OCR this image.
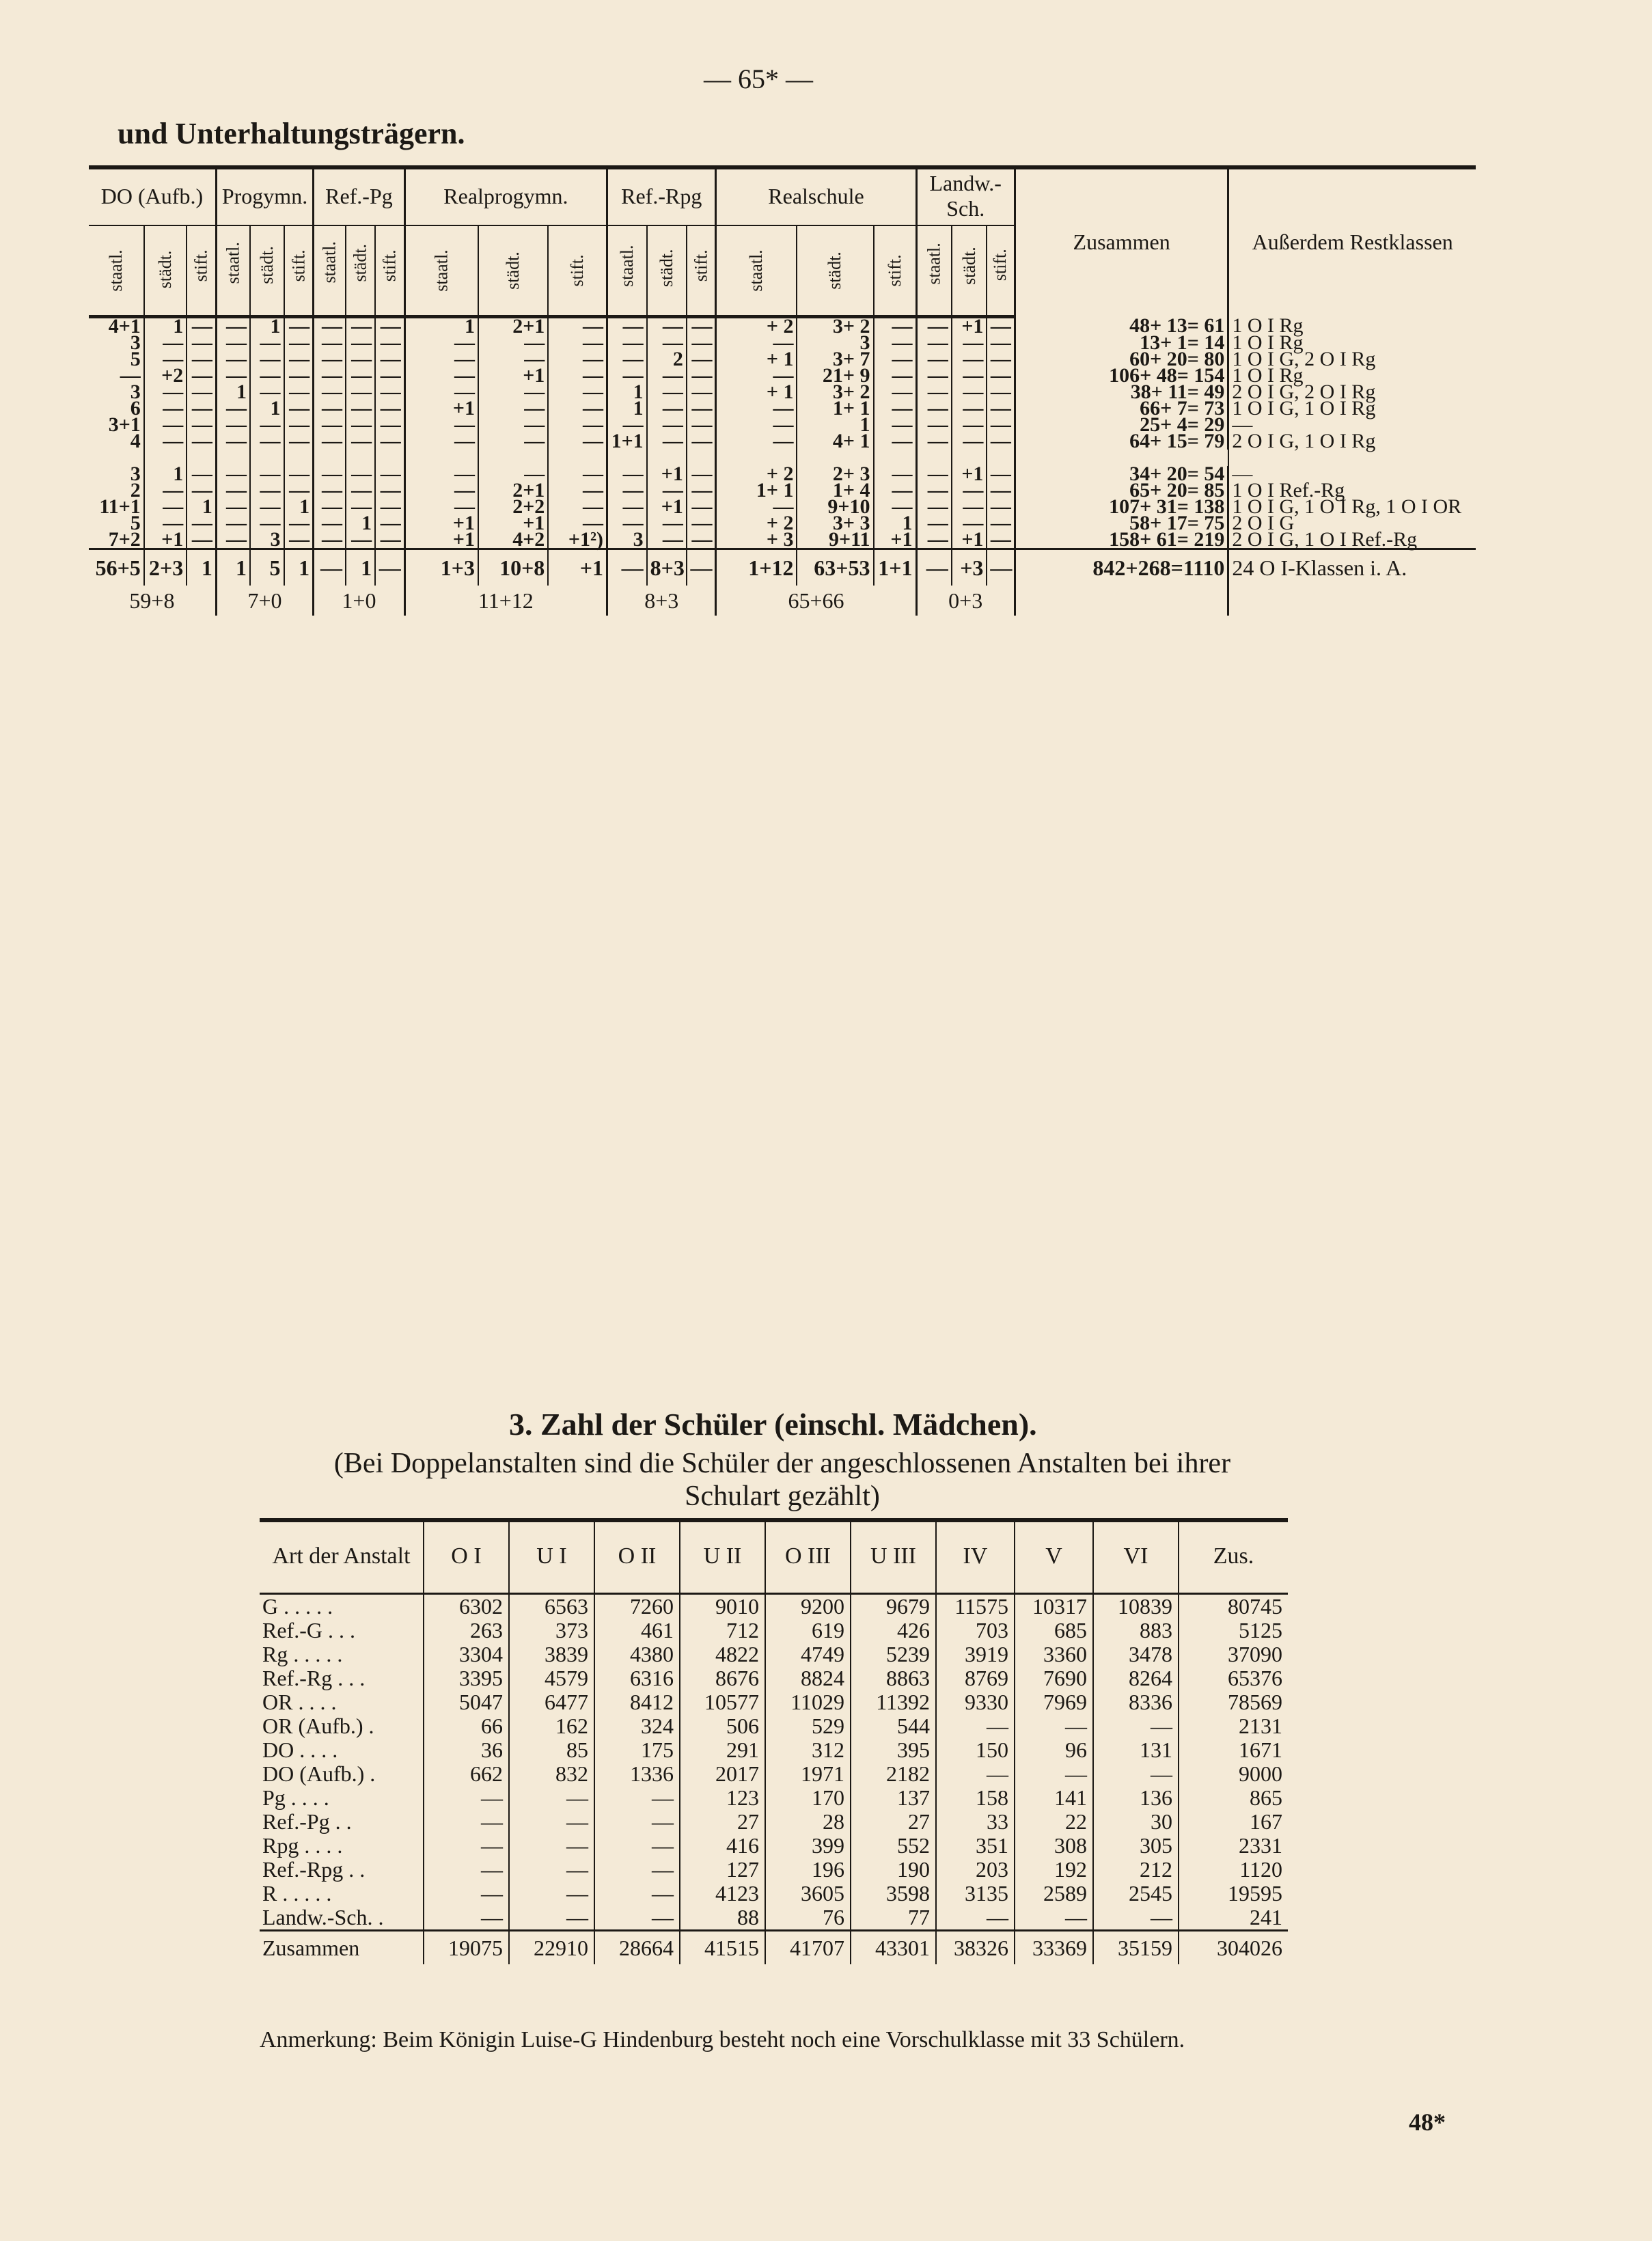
— 65* —
und Unterhaltungsträgern.
DO (Aufb.)			Progymn.			Ref.-Pg			Realprogymn.			Ref.-Rpg			Realschule			Landw.-Sch.			Zusammen	Außerdem Restklassen

staatl.	städt.	stift.	staatl.	städt.	stift.	staatl.	städt.	stift.	staatl.	städt.	stift.	staatl.	städt.	stift.	staatl.	städt.	stift.	staatl.	städt.	stift.		

4+1	1	—	—	1	—	—	—	—	1	2+1	—	—	—	—	+ 2	3+ 2	—	—	+1	—	48+ 13= 61	1 O I Rg
3	—	—	—	—	—	—	—	—	—	—	—	—	—	—	—	3	—	—	—	—	13+ 1= 14	1 O I Rg
5	—	—	—	—	—	—	—	—	—	—	—	—	2	—	+ 1	3+ 7	—	—	—	—	60+ 20= 80	1 O I G, 2 O I Rg
—	+2	—	—	—	—	—	—	—	—	+1	—	—	—	—	—	21+ 9	—	—	—	—	106+ 48= 154	1 O I Rg
3	—	—	1	—	—	—	—	—	—	—	—	1	—	—	+ 1	3+ 2	—	—	—	—	38+ 11= 49	2 O I G, 2 O I Rg
6	—	—	—	1	—	—	—	—	+1	—	—	1	—	—	—	1+ 1	—	—	—	—	66+ 7= 73	1 O I G, 1 O I Rg
3+1	—	—	—	—	—	—	—	—	—	—	—	—	—	—	—	1	—	—	—	—	25+ 4= 29	—
4	—	—	—	—	—	—	—	—	—	—	—	1+1	—	—	—	4+ 1	—	—	—	—	64+ 15= 79	2 O I G, 1 O I Rg

3	1	—	—	—	—	—	—	—	—	—	—	—	+1	—	+ 2	2+ 3	—	—	+1	—	34+ 20= 54	—
2	—	—	—	—	—	—	—	—	—	2+1	—	—	—	—	1+ 1	1+ 4	—	—	—	—	65+ 20= 85	1 O I Ref.-Rg
11+1	—	1	—	—	1	—	—	—	—	2+2	—	—	+1	—	—	9+10	—	—	—	—	107+ 31= 138	1 O I G, 1 O I Rg, 1 O I OR
5	—	—	—	—	—	—	1	—	+1	+1	—	—	—	—	+ 2	3+ 3	1	—	—	—	58+ 17= 75	2 O I G
7+2	+1	—	—	3	—	—	—	—	+1	4+2	+1²)	3	—	—	+ 3	9+11	+1	—	+1	—	158+ 61= 219	2 O I G, 1 O I Ref.-Rg
56+5	2+3	1	1	5	1	—	1	—	1+3	10+8	+1	—	8+3	—	1+12	63+53	1+1	—	+3	—	842+268=1110	24 O I-Klassen i. A.
59+8			7+0			1+0			11+12			8+3			65+66			0+3				
3. Zahl der Schüler (einschl. Mädchen).
(Bei Doppelanstalten sind die Schüler der angeschlossenen Anstalten bei ihrer Schulart gezählt)
Art der Anstalt	O I	U I	O II	U II	O III	U III	IV	V	VI	Zus.
G . . . . .	6302	6563	7260	9010	9200	9679	11575	10317	10839	80745
Ref.-G . . .	263	373	461	712	619	426	703	685	883	5125
Rg . . . . .	3304	3839	4380	4822	4749	5239	3919	3360	3478	37090
Ref.-Rg . . .	3395	4579	6316	8676	8824	8863	8769	7690	8264	65376
OR . . . .	5047	6477	8412	10577	11029	11392	9330	7969	8336	78569
OR (Aufb.) .	66	162	324	506	529	544	—	—	—	2131
DO . . . .	36	85	175	291	312	395	150	96	131	1671
DO (Aufb.) .	662	832	1336	2017	1971	2182	—	—	—	9000
Pg . . . .	—	—	—	123	170	137	158	141	136	865
Ref.-Pg . .	—	—	—	27	28	27	33	22	30	167
Rpg . . . .	—	—	—	416	399	552	351	308	305	2331
Ref.-Rpg . .	—	—	—	127	196	190	203	192	212	1120
R . . . . .	—	—	—	4123	3605	3598	3135	2589	2545	19595
Landw.-Sch. .	—	—	—	88	76	77	—	—	—	241
Zusammen	19075	22910	28664	41515	41707	43301	38326	33369	35159	304026
Anmerkung: Beim Königin Luise-G Hindenburg besteht noch eine Vorschulklasse mit 33 Schülern.
48*
